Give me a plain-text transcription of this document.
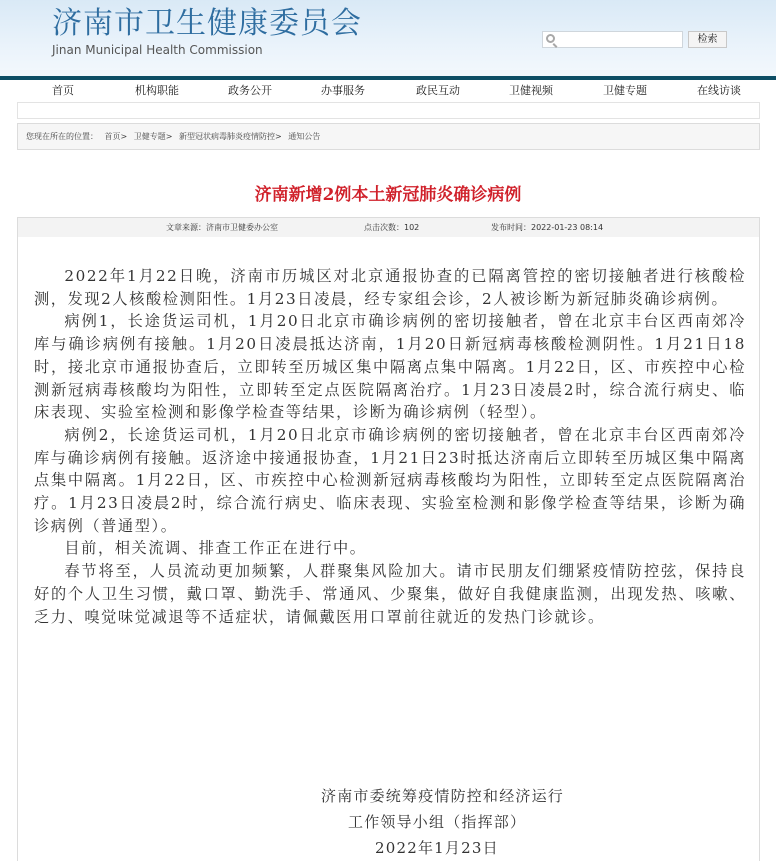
济南市卫生健康委员会
Jinan Municipal Health Commission
检索
首页	机构职能	政务公开	办事服务	政民互动	卫健视频	卫健专题	在线访谈
您现在所在的位置： 首页> 卫健专题> 新型冠状病毒肺炎疫情防控> 通知公告
济南新增2例本土新冠肺炎确诊病例
文章来源：济南市卫健委办公室	点击次数：102	发布时间：2022-01-23 08:14

2022年1月22日晚，济南市历城区对北京通报协查的已隔离管控的密切接触者进行核酸检测，发现2人核酸检测阳性。1月23日凌晨，经专家组会诊，2人被诊断为新冠肺炎确诊病例。

病例1，长途货运司机，1月20日北京市确诊病例的密切接触者，曾在北京丰台区西南郊冷库与确诊病例有接触。1月20日凌晨抵达济南，1月20日新冠病毒核酸检测阴性。1月21日18时，接北京市通报协查后，立即转至历城区集中隔离点集中隔离。1月22日，区、市疾控中心检测新冠病毒核酸均为阳性，立即转至定点医院隔离治疗。1月23日凌晨2时，综合流行病史、临床表现、实验室检测和影像学检查等结果，诊断为确诊病例（轻型）。

病例2，长途货运司机，1月20日北京市确诊病例的密切接触者，曾在北京丰台区西南郊冷库与确诊病例有接触。返济途中接通报协查，1月21日23时抵达济南后立即转至历城区集中隔离点集中隔离。1月22日，区、市疾控中心检测新冠病毒核酸均为阳性，立即转至定点医院隔离治疗。1月23日凌晨2时，综合流行病史、临床表现、实验室检测和影像学检查等结果，诊断为确诊病例（普通型）。

目前，相关流调、排查工作正在进行中。

春节将至，人员流动更加频繁，人群聚集风险加大。请市民朋友们绷紧疫情防控弦，保持良好的个人卫生习惯，戴口罩、勤洗手、常通风、少聚集，做好自我健康监测，出现发热、咳嗽、乏力、嗅觉味觉减退等不适症状，请佩戴医用口罩前往就近的发热门诊就诊。

济南市委统筹疫情防控和经济运行
工作领导小组（指挥部）
2022年1月23日
